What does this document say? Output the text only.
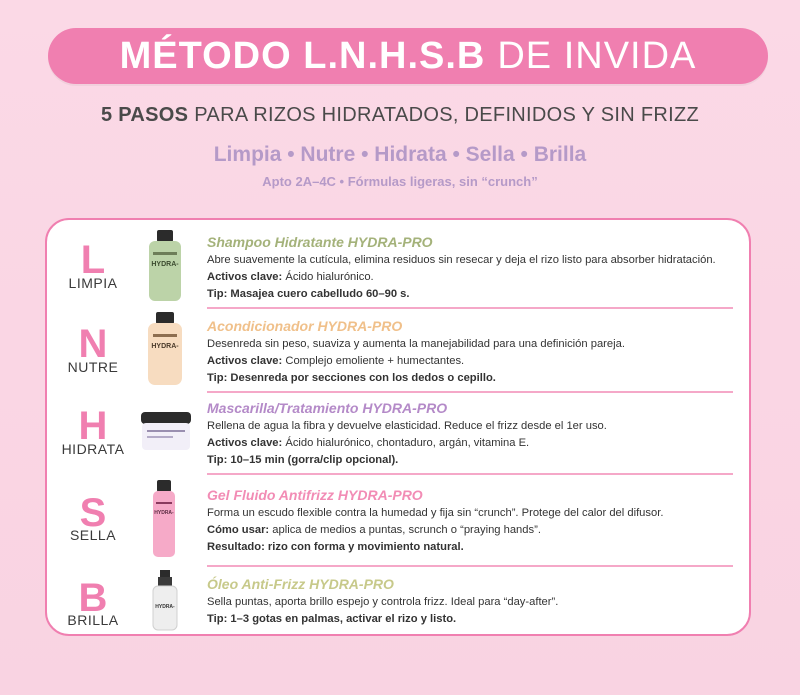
MÉTODO L.N.H.S.B DE INVIDA
5 PASOS PARA RIZOS HIDRATADOS, DEFINIDOS Y SIN FRIZZ
Limpia • Nutre • Hidrata • Sella • Brilla
Apto 2A–4C • Fórmulas ligeras, sin “crunch”
L
LIMPIA
HYDRA-
Shampoo Hidratante HYDRA-PRO
Abre suavemente la cutícula, elimina residuos sin resecar y deja el rizo listo para absorber hidratación.
Activos clave: Ácido hialurónico.
Tip: Masajea cuero cabelludo 60–90 s.
N
NUTRE
HYDRA-
Acondicionador HYDRA-PRO
Desenreda sin peso, suaviza y aumenta la manejabilidad para una definición pareja.
Activos clave: Complejo emoliente + humectantes.
Tip: Desenreda por secciones con los dedos o cepillo.
H
HIDRATA
Mascarilla/Tratamiento HYDRA-PRO
Rellena de agua la fibra y devuelve elasticidad. Reduce el frizz desde el 1er uso.
Activos clave: Ácido hialurónico, chontaduro, argán, vitamina E.
Tip: 10–15 min (gorra/clip opcional).
S
SELLA
HYDRA-
Gel Fluido Antifrizz HYDRA-PRO
Forma un escudo flexible contra la humedad y fija sin “crunch”. Protege del calor del difusor.
Cómo usar: aplica de medios a puntas, scrunch o “praying hands”.
Resultado: rizo con forma y movimiento natural.
B
BRILLA
HYDRA-
Óleo Anti-Frizz HYDRA-PRO
Sella puntas, aporta brillo espejo y controla frizz. Ideal para “day-after”.
Tip: 1–3 gotas en palmas, activar el rizo y listo.
